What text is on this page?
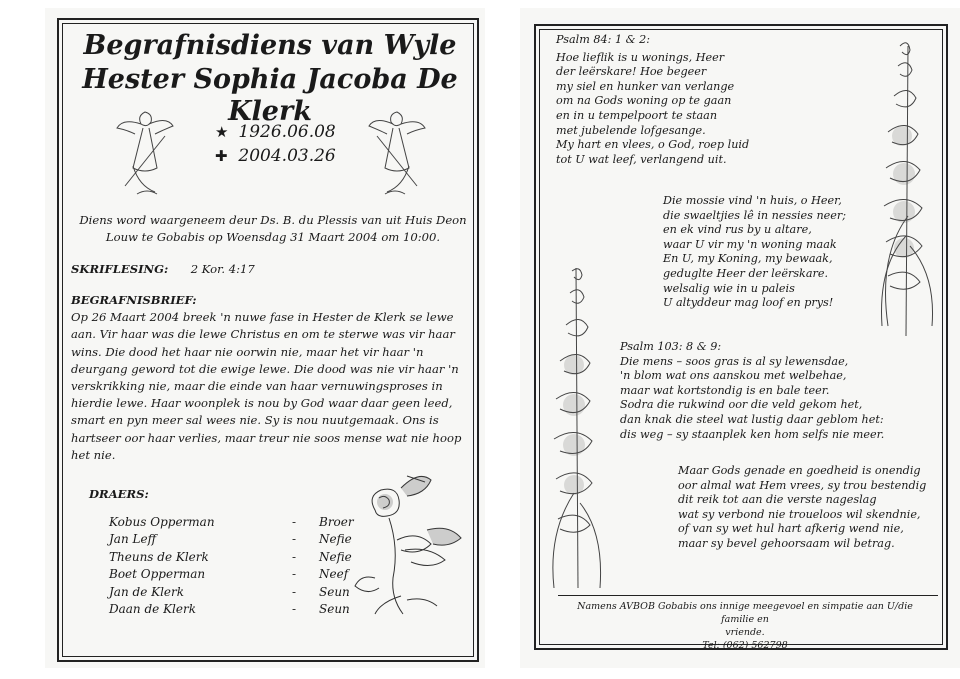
Begrafnisdiens van Wyle
Hester Sophia Jacoba De Klerk
★ 1926.06.08
✚ 2004.03.26
Diens word waargeneem deur Ds. B. du Plessis van uit Huis Deon
Louw te Gobabis op Woensdag 31 Maart 2004 om 10:00.
SKRIFLESING: 2 Kor. 4:17
BEGRAFNISBRIEF:
Op 26 Maart 2004 breek 'n nuwe fase in Hester de Klerk se lewe
aan. Vir haar was die lewe Christus en om te sterwe was vir haar
wins. Die dood het haar nie oorwin nie, maar het vir haar 'n
deurgang geword tot die ewige lewe. Die dood was nie vir haar 'n
verskrikking nie, maar die einde van haar vernuwingsproses in
hierdie lewe. Haar woonplek is nou by God waar daar geen leed,
smart en pyn meer sal wees nie. Sy is nou nuutgemaak. Ons is
hartseer oor haar verlies, maar treur nie soos mense wat nie hoop
het nie.
DRAERS:
Kobus Opperman	-	Broer
Jan Leff	-	Nefie
Theuns de Klerk	-	Nefie
Boet Opperman	-	Neef
Jan de Klerk	-	Seun
Daan de Klerk	-	Seun
Psalm 84: 1 & 2:
Hoe lieflik is u wonings, Heer
der leërskare! Hoe begeer
my siel en hunker van verlange
om na Gods woning op te gaan
en in u tempelpoort te staan
met jubelende lofgesange.
My hart en vlees, o God, roep luid
tot U wat leef, verlangend uit.
Die mossie vind 'n huis, o Heer,
die swaeltjies lê in nessies neer;
en ek vind rus by u altare,
waar U vir my 'n woning maak
En U, my Koning, my bewaak,
geduglte Heer der leërskare.
welsalig wie in u paleis
U altyddeur mag loof en prys!
Psalm 103: 8 & 9:
Die mens – soos gras is al sy lewensdae,
'n blom wat ons aanskou met welbehae,
maar wat kortstondig is en bale teer.
Sodra die rukwind oor die veld gekom het,
dan knak die steel wat lustig daar geblom het:
dis weg – sy staanplek ken hom selfs nie meer.
Maar Gods genade en goedheid is onendig
oor almal wat Hem vrees, sy trou bestendig
dit reik tot aan die verste nageslag
wat sy verbond nie troueloos wil skendnie,
of van sy wet hul hart afkerig wend nie,
maar sy bevel gehoorsaam wil betrag.
Namens AVBOB Gobabis ons innige meegevoel en simpatie aan U/die familie en
vriende.
Tel: (062) 562798
